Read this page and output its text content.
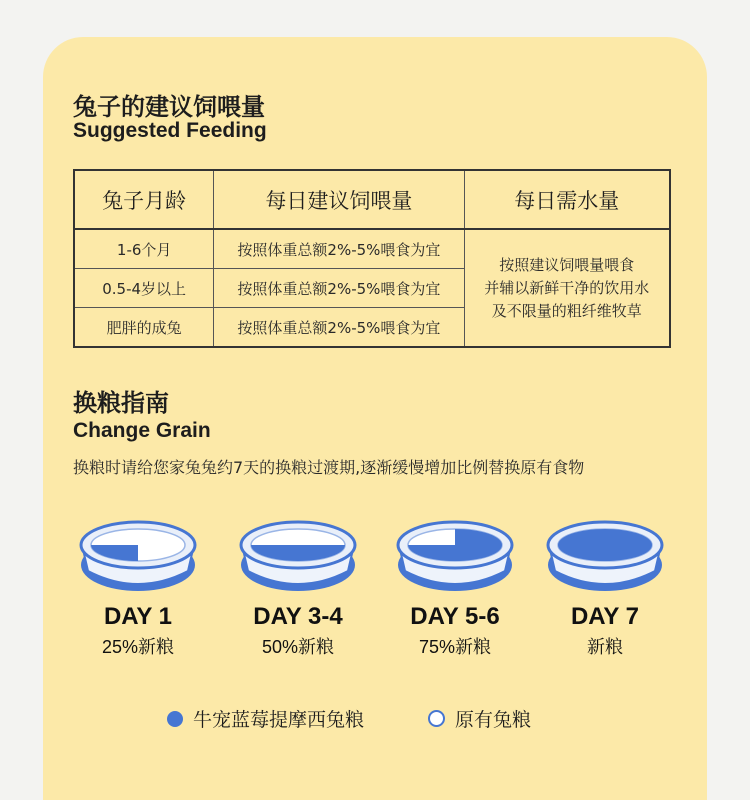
兔子的建议饲喂量
Suggested Feeding
兔子月龄	每日建议饲喂量	每日需水量
1-6个月	按照体重总额2%-5%喂食为宜	按照建议饲喂量喂食
并辅以新鲜干净的饮用水
及不限量的粗纤维牧草

0.5-4岁以上	按照体重总额2%-5%喂食为宜	
肥胖的成兔	按照体重总额2%-5%喂食为宜	
换粮指南
Change Grain
换粮时请给您家兔兔约7天的换粮过渡期,逐渐缓慢增加比例替换原有食物
DAY 1
25%新粮
DAY 3-4
50%新粮
DAY 5-6
75%新粮
DAY 7
新粮
牛宠蓝莓提摩西兔粮	原有兔粮
